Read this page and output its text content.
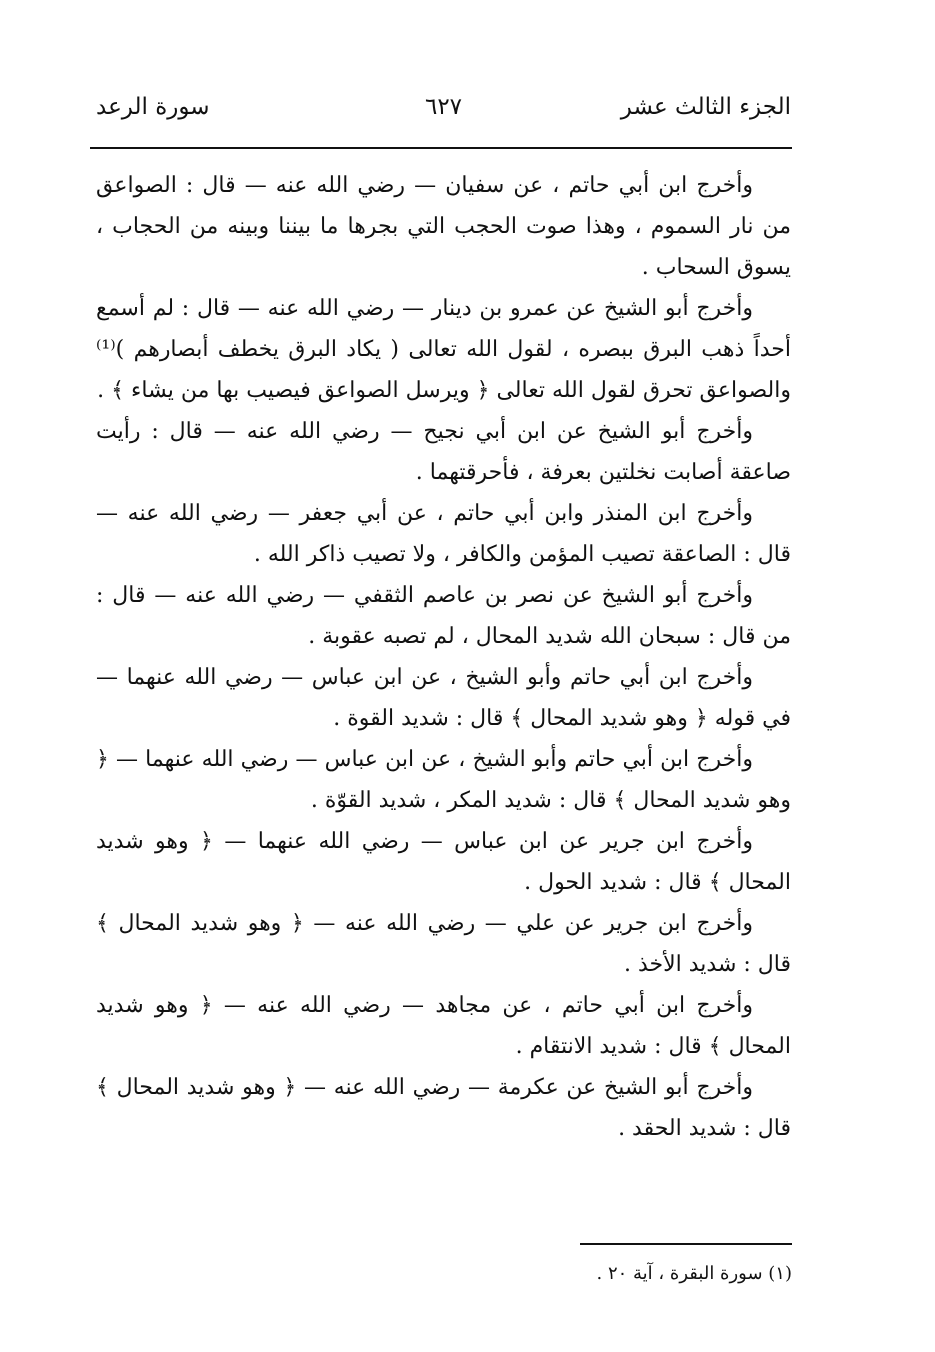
الجزء الثالث عشر
٦٢٧
سورة الرعد

وأخرج ابن أبي حاتم ، عن سفيان — رضي الله عنه — قال : الصواعق من نار السموم ، وهذا صوت الحجب التي بجرها ما بيننا وبينه من الحجاب ، يسوق السحاب .

وأخرج أبو الشيخ عن عمرو بن دينار — رضي الله عنه — قال : لم أسمع أحداً ذهب البرق ببصره ، لقول الله تعالى ( يكاد البرق يخطف أبصارهم )⁽¹⁾ والصواعق تحرق لقول الله تعالى ﴿ ويرسل الصواعق فيصيب بها من يشاء ﴾ .

وأخرج أبو الشيخ عن ابن أبي نجيح — رضي الله عنه — قال : رأيت صاعقة أصابت نخلتين بعرفة ، فأحرقتهما .

وأخرج ابن المنذر وابن أبي حاتم ، عن أبي جعفر — رضي الله عنه — قال : الصاعقة تصيب المؤمن والكافر ، ولا تصيب ذاكر الله .

وأخرج أبو الشيخ عن نصر بن عاصم الثقفي — رضي الله عنه — قال : من قال : سبحان الله شديد المحال ، لم تصبه عقوبة .

وأخرج ابن أبي حاتم وأبو الشيخ ، عن ابن عباس — رضي الله عنهما — في قوله ﴿ وهو شديد المحال ﴾ قال : شديد القوة .

وأخرج ابن أبي حاتم وأبو الشيخ ، عن ابن عباس — رضي الله عنهما — ﴿ وهو شديد المحال ﴾ قال : شديد المكر ، شديد القوّة .

وأخرج ابن جرير عن ابن عباس — رضي الله عنهما — ﴿ وهو شديد المحال ﴾ قال : شديد الحول .

وأخرج ابن جرير عن علي — رضي الله عنه — ﴿ وهو شديد المحال ﴾ قال : شديد الأخذ .

وأخرج ابن أبي حاتم ، عن مجاهد — رضي الله عنه — ﴿ وهو شديد المحال ﴾ قال : شديد الانتقام .

وأخرج أبو الشيخ عن عكرمة — رضي الله عنه — ﴿ وهو شديد المحال ﴾ قال : شديد الحقد .

(١) سورة البقرة ، آية ٢٠ .
